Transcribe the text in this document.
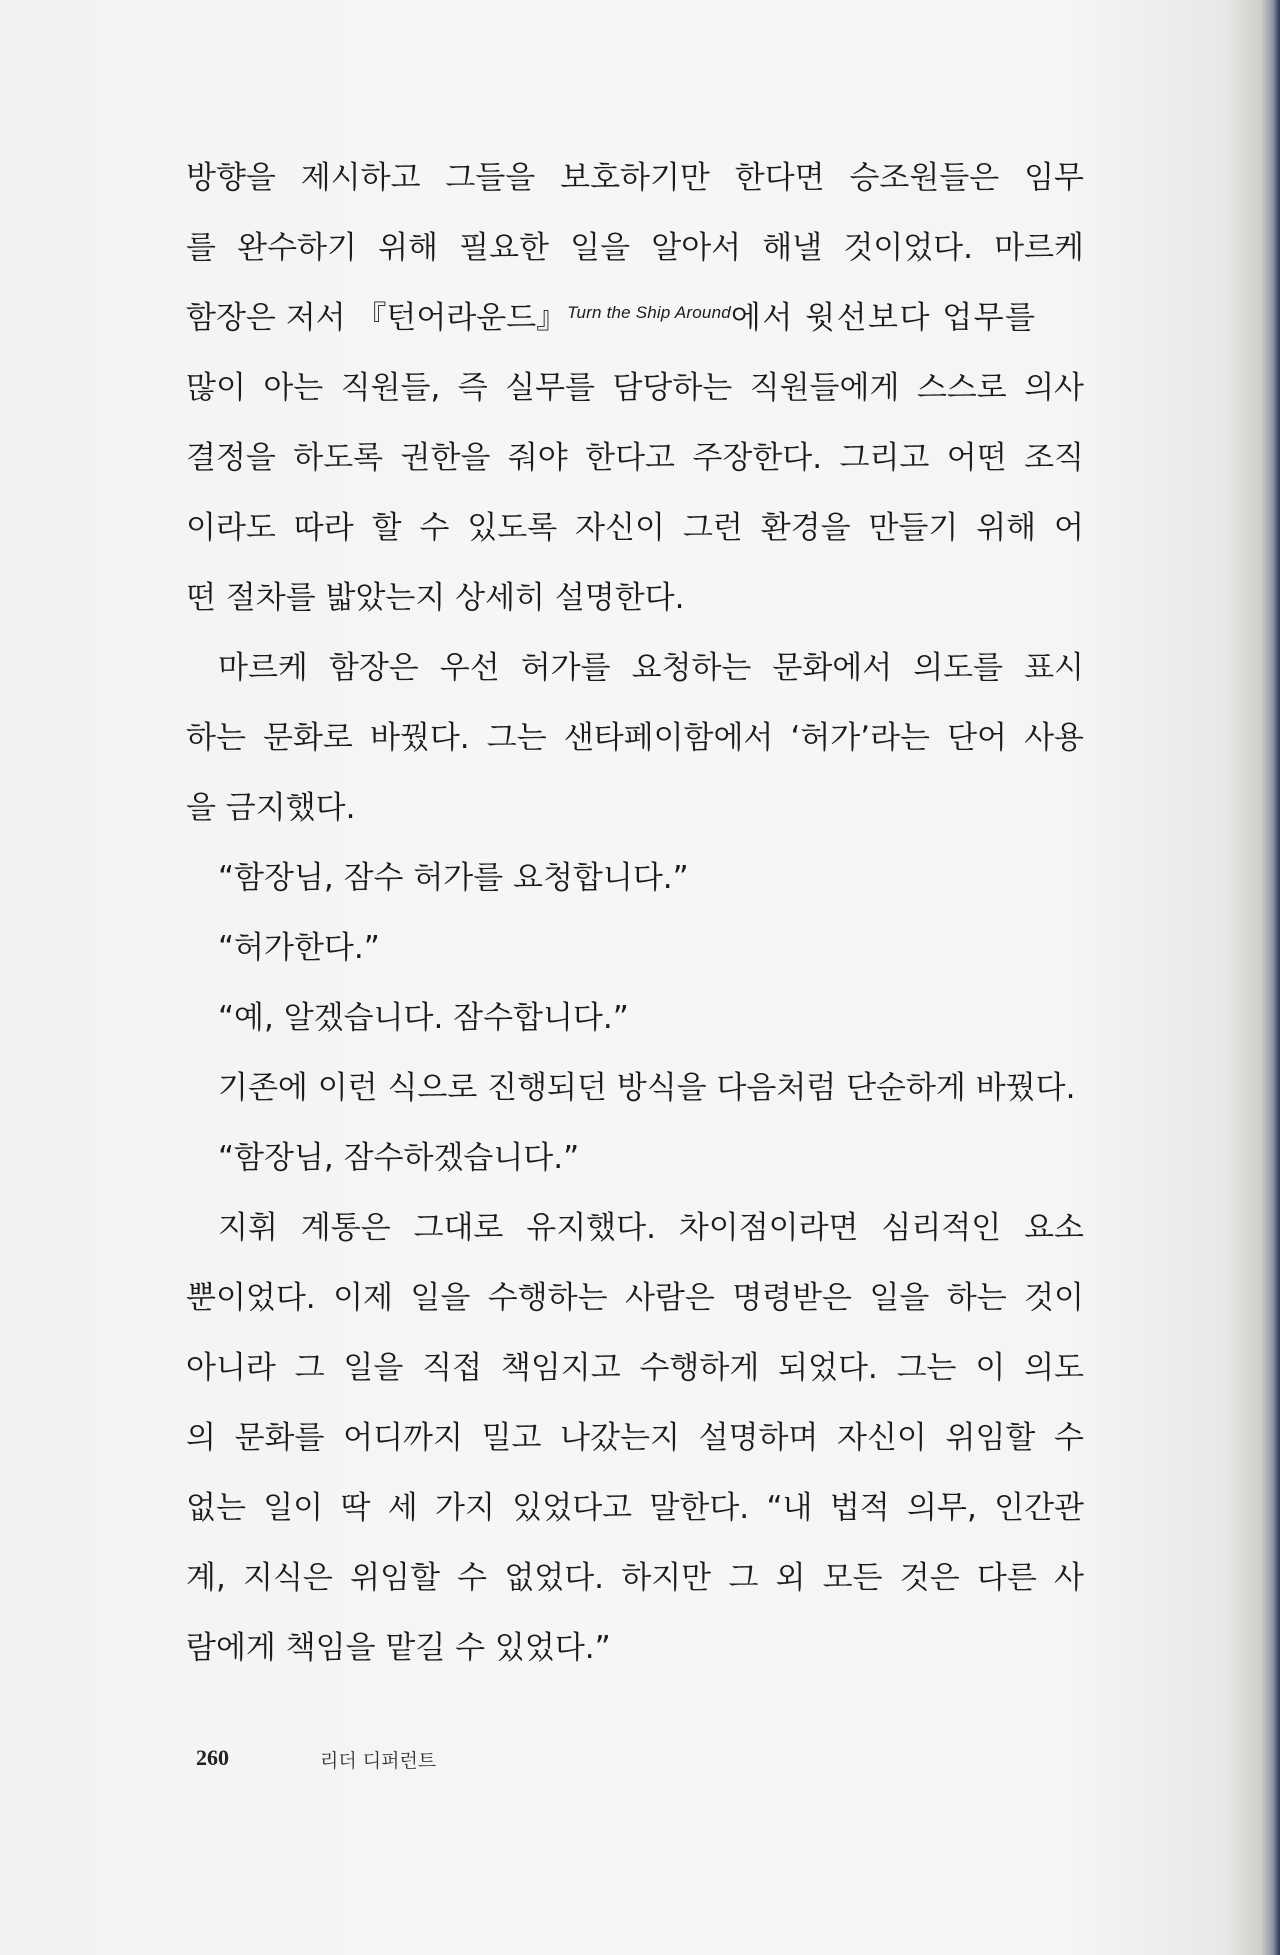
방향을 제시하고 그들을 보호하기만 한다면 승조원들은 임무
를 완수하기 위해 필요한 일을 알아서 해낼 것이었다. 마르케
함장은 저서 『턴어라운드』$^{Turn the Ship Around}$에서 윗선보다 업무를
많이 아는 직원들, 즉 실무를 담당하는 직원들에게 스스로 의사
결정을 하도록 권한을 줘야 한다고 주장한다. 그리고 어떤 조직
이라도 따라 할 수 있도록 자신이 그런 환경을 만들기 위해 어
떤 절차를 밟았는지 상세히 설명한다.
마르케 함장은 우선 허가를 요청하는 문화에서 의도를 표시
하는 문화로 바꿨다. 그는 샌타페이함에서 ‘허가’라는 단어 사용
을 금지했다.
“함장님, 잠수 허가를 요청합니다.”
“허가한다.”
“예, 알겠습니다. 잠수합니다.”
기존에 이런 식으로 진행되던 방식을 다음처럼 단순하게 바꿨다.
“함장님, 잠수하겠습니다.”
지휘 계통은 그대로 유지했다. 차이점이라면 심리적인 요소
뿐이었다. 이제 일을 수행하는 사람은 명령받은 일을 하는 것이
아니라 그 일을 직접 책임지고 수행하게 되었다. 그는 이 의도
의 문화를 어디까지 밀고 나갔는지 설명하며 자신이 위임할 수
없는 일이 딱 세 가지 있었다고 말한다. “내 법적 의무, 인간관
계, 지식은 위임할 수 없었다. 하지만 그 외 모든 것은 다른 사
람에게 책임을 맡길 수 있었다.”
260	리더 디퍼런트
